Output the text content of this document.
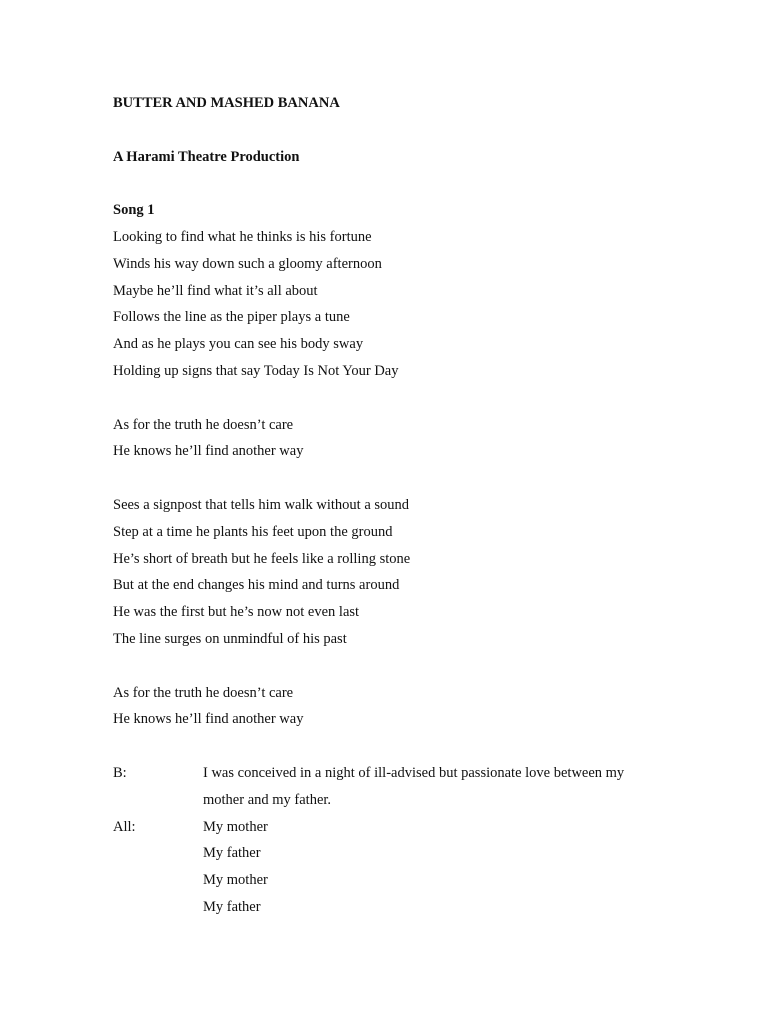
BUTTER AND MASHED BANANA
A Harami Theatre Production
Song 1
Looking to find what he thinks is his fortune
Winds his way down such a gloomy afternoon
Maybe he’ll find what it’s all about
Follows the line as the piper plays a tune
And as he plays you can see his body sway
Holding up signs that say Today Is Not Your Day
As for the truth he doesn’t care
He knows he’ll find another way
Sees a signpost that tells him walk without a sound
Step at a time he plants his feet upon the ground
He’s short of breath but he feels like a rolling stone
But at the end changes his mind and turns around
He was the first but he’s now not even last
The line surges on unmindful of his past
As for the truth he doesn’t care
He knows he’ll find another way
B:	I was conceived in a night of ill-advised but passionate love between my
mother and my father.
All:	My mother
My father
My mother
My father
